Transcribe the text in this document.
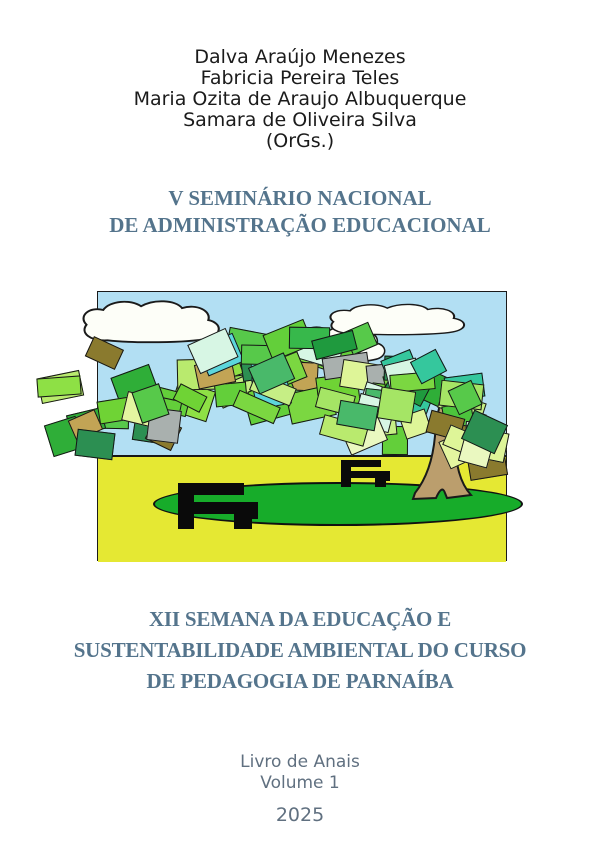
Dalva Araújo Menezes
Fabricia Pereira Teles
Maria Ozita de Araujo Albuquerque
Samara de Oliveira Silva
(OrGs.)
V SEMINÁRIO NACIONAL
DE ADMINISTRAÇÃO EDUCACIONAL
XII SEMANA DA EDUCAÇÃO E
SUSTENTABILIDADE AMBIENTAL DO CURSO
DE PEDAGOGIA DE PARNAÍBA
Livro de Anais
Volume 1
2025
